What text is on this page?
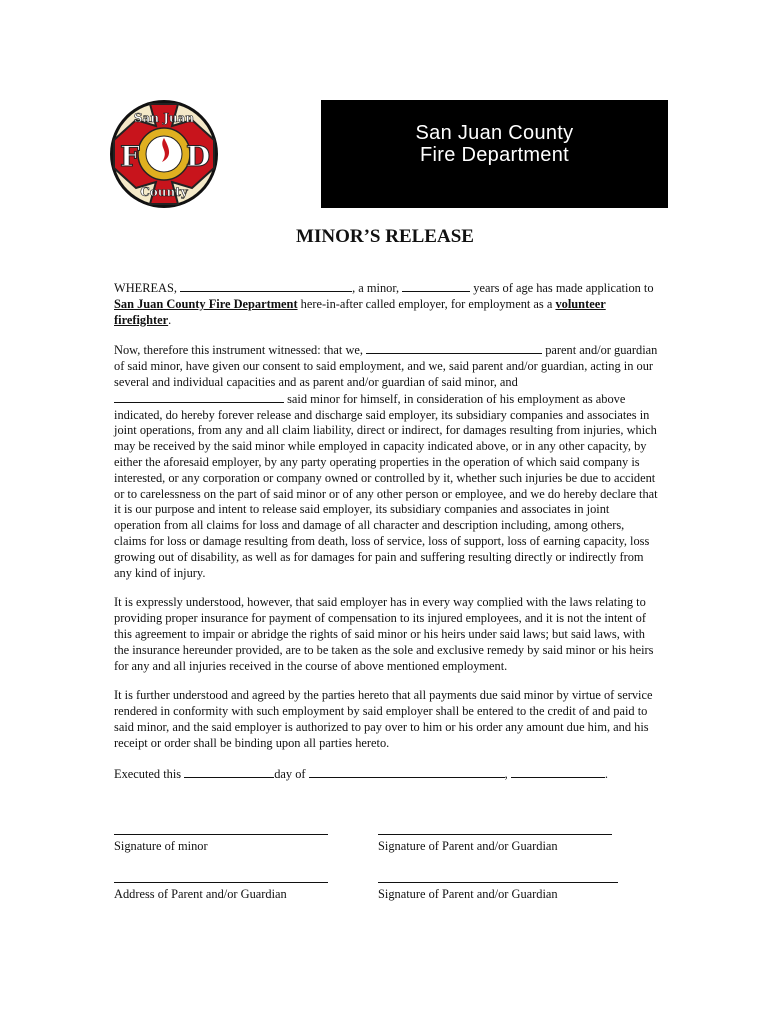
San Juan
County
F D
San Juan County
Fire Department
MINOR’S RELEASE

WHEREAS,	, a minor,	years of age has made application to San Juan County Fire Department here-in-after called employer, for employment as a volunteer firefighter.

Now, therefore this instrument witnessed: that we,	parent and/or guardian of said minor, have given our consent to said employment, and we, said parent and/or guardian, acting in our several and individual capacities and as parent and/or guardian of said minor, and  said minor for himself, in consideration of his employment as above indicated, do hereby forever release and discharge said employer, its subsidiary companies and associates in joint operations, from any and all claim liability, direct or indirect, for damages resulting from injuries, which may be received by the said minor while employed in capacity indicated above, or in any other capacity, by either the aforesaid employer, by any party operating properties in the operation of which said company is interested, or any corporation or company owned or controlled by it, whether such injuries be due to accident or to carelessness on the part of said minor or of any other person or employee, and we do hereby declare that it is our purpose and intent to release said employer, its subsidiary companies and associates in joint operation from all claims for loss and damage of all character and description including, among others, claims for loss or damage resulting from death, loss of service, loss of support, loss of earning capacity, loss growing out of disability, as well as for damages for pain and suffering resulting directly or indirectly from any kind of injury.

It is expressly understood, however, that said employer has in every way complied with the laws relating to providing proper insurance for payment of compensation to its injured employees, and it is not the intent of this agreement to impair or abridge the rights of said minor or his heirs under said laws; but said laws, with the insurance hereunder provided, are to be taken as the sole and exclusive remedy by said minor or his heirs for any and all injuries received in the course of above mentioned employment.

It is further understood and agreed by the parties hereto that all payments due said minor by virtue of service rendered in conformity with such employment by said employer shall be entered to the credit of and paid to said minor, and the said employer is authorized to pay over to him or his order any amount due him, and his receipt or order shall be binding upon all parties hereto.

Executed this	day of	,	.

Signature of minor	Signature of Parent and/or Guardian
Address of Parent and/or Guardian	Signature of Parent and/or Guardian
